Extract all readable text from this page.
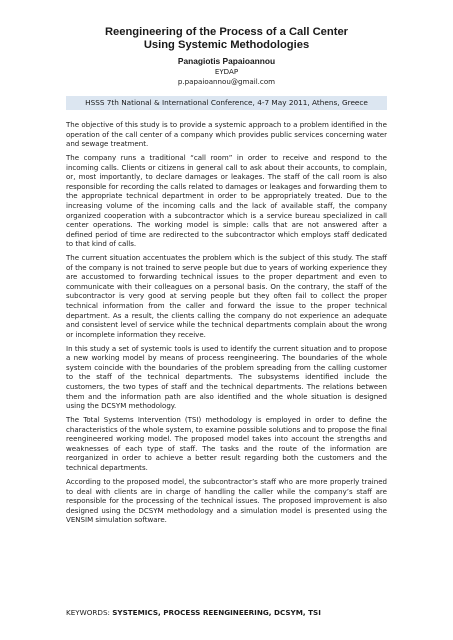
Reengineering of the Process of a Call Center
Using Systemic Methodologies
Panagiotis Papaioannou
EYDAP
p.papaioannou@gmail.com
HSSS 7th National & International Conference, 4-7 May 2011, Athens, Greece

The objective of this study is to provide a systemic approach to a problem identified in the operation of the call center of a company which provides public services concerning water and sewage treatment.

The company runs a traditional “call room” in order to receive and respond to the incoming calls. Clients or citizens in general call to ask about their accounts, to complain, or, most importantly, to declare damages or leakages. The staff of the call room is also responsible for recording the calls related to damages or leakages and forwarding them to the appropriate technical department in order to be appropriately treated. Due to the increasing volume of the incoming calls and the lack of available staff, the company organized cooperation with a subcontractor which is a service bureau specialized in call center operations. The working model is simple: calls that are not answered after a defined period of time are redirected to the subcontractor which employs staff dedicated to that kind of calls.

The current situation accentuates the problem which is the subject of this study. The staff of the company is not trained to serve people but due to years of working experience they are accustomed to forwarding technical issues to the proper department and even to communicate with their colleagues on a personal basis. On the contrary, the staff of the subcontractor is very good at serving people but they often fail to collect the proper technical information from the caller and forward the issue to the proper technical department. As a result, the clients calling the company do not experience an adequate and consistent level of service while the technical departments complain about the wrong or incomplete information they receive.

In this study a set of systemic tools is used to identify the current situation and to propose a new working model by means of process reengineering. The boundaries of the whole system coincide with the boundaries of the problem spreading from the calling customer to the staff of the technical departments. The subsystems identified include the customers, the two types of staff and the technical departments. The relations between them and the information path are also identified and the whole situation is designed using the DCSYM methodology.

The Total Systems Intervention (TSI) methodology is employed in order to define the characteristics of the whole system, to examine possible solutions and to propose the final reengineered working model. The proposed model takes into account the strengths and weaknesses of each type of staff. The tasks and the route of the information are reorganized in order to achieve a better result regarding both the customers and the technical departments.

According to the proposed model, the subcontractor’s staff who are more properly trained to deal with clients are in charge of handling the caller while the company’s staff are responsible for the processing of the technical issues. The proposed improvement is also designed using the DCSYM methodology and a simulation model is presented using the VENSIM simulation software.

KEYWORDS: SYSTEMICS, PROCESS REENGINEERING, DCSYM, TSI
